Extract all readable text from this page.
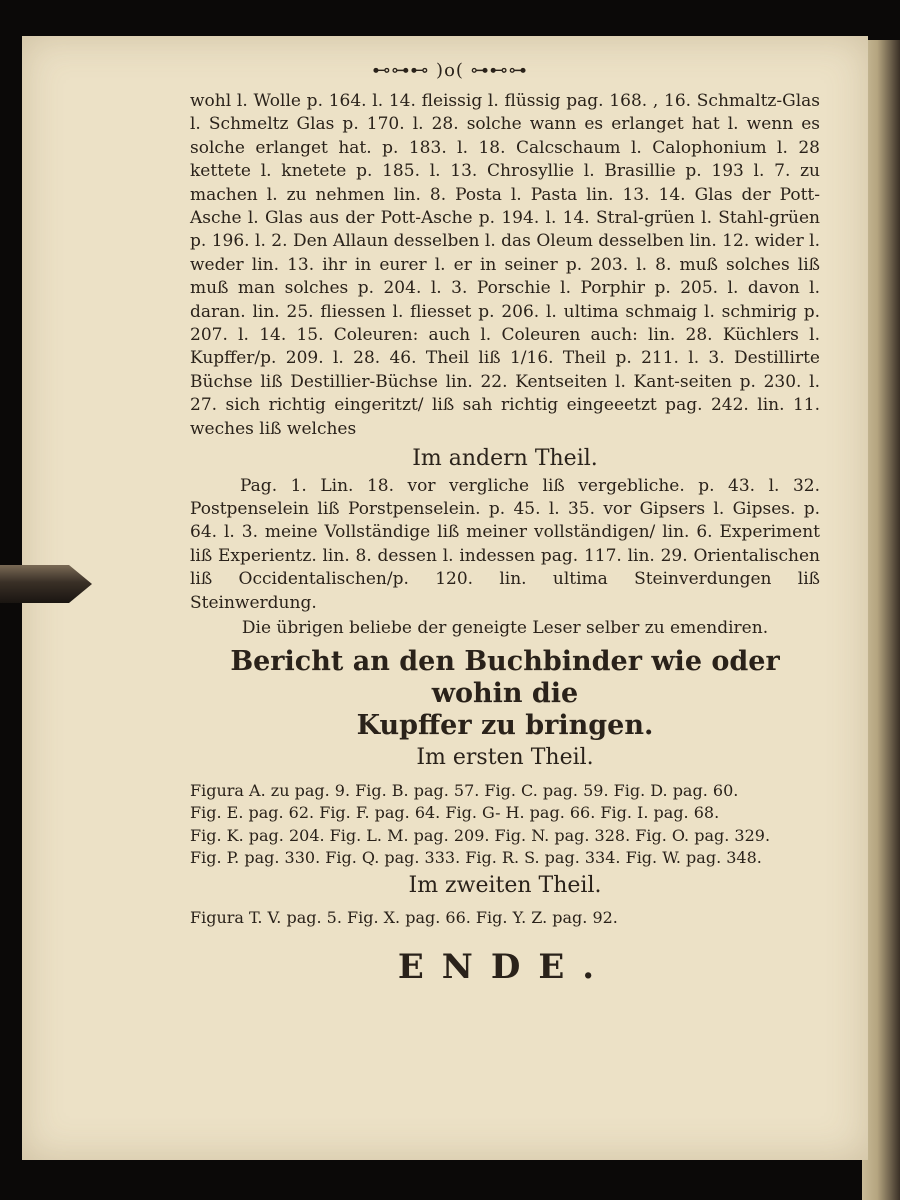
⊷⊶⊷ )o( ⊶⊷⊶

wohl l. Wolle p. 164. l. 14. fleissig l. flüssig pag. 168. , 16. Schmaltz-Glas l. Schmeltz Glas p. 170. l. 28. solche wann es erlanget hat l. wenn es solche erlanget hat. p. 183. l. 18. Calcschaum l. Calophonium l. 28 kettete l. knetete p. 185. l. 13. Chrosyllie l. Brasillie p. 193 l. 7. zu machen l. zu nehmen lin. 8. Posta l. Pasta lin. 13. 14. Glas der Pott-Asche l. Glas aus der Pott-Asche p. 194. l. 14. Stral-grüen l. Stahl-grüen p. 196. l. 2. Den Allaun desselben l. das Oleum desselben lin. 12. wider l. weder lin. 13. ihr in eurer l. er in seiner p. 203. l. 8. muß solches liß muß man solches p. 204. l. 3. Porschie l. Porphir p. 205. l. davon l. daran. lin. 25. fliessen l. fliesset p. 206. l. ultima schmaig l. schmirig p. 207. l. 14. 15. Coleuren: auch l. Coleuren auch: lin. 28. Küchlers l. Kupffer/p. 209. l. 28. 46. Theil liß 1/16. Theil p. 211. l. 3. Destillirte Büchse liß Destillier-Büchse lin. 22. Kentseiten l. Kant-seiten p. 230. l. 27. sich richtig eingeritzt/ liß sah richtig eingeeetzt pag. 242. lin. 11. weches liß welches

Im andern Theil.

Pag. 1. Lin. 18. vor vergliche liß vergebliche. p. 43. l. 32. Postpenselein liß Porstpenselein. p. 45. l. 35. vor Gipsers l. Gipses. p. 64. l. 3. meine Vollständige liß meiner vollständigen/ lin. 6. Experiment liß Experientz. lin. 8. dessen l. indessen pag. 117. lin. 29. Orientalischen liß Occidentalischen/p. 120. lin. ultima Steinverdungen liß Steinwerdung.

Die übrigen beliebe der geneigte Leser selber zu emendiren.
Bericht an den Buchbinder wie oder wohin die
Kupffer zu bringen.
Im ersten Theil.
Figura A. zu pag. 9. Fig. B. pag. 57. Fig. C. pag. 59. Fig. D. pag. 60.
Fig. E. pag. 62. Fig. F. pag. 64. Fig. G- H. pag. 66. Fig. I. pag. 68.
Fig. K. pag. 204. Fig. L. M. pag. 209. Fig. N. pag. 328. Fig. O. pag. 329.
Fig. P. pag. 330. Fig. Q. pag. 333. Fig. R. S. pag. 334. Fig. W. pag. 348.
Im zweiten Theil.
Figura T. V. pag. 5. Fig. X. pag. 66. Fig. Y. Z. pag. 92.
ENDE.
